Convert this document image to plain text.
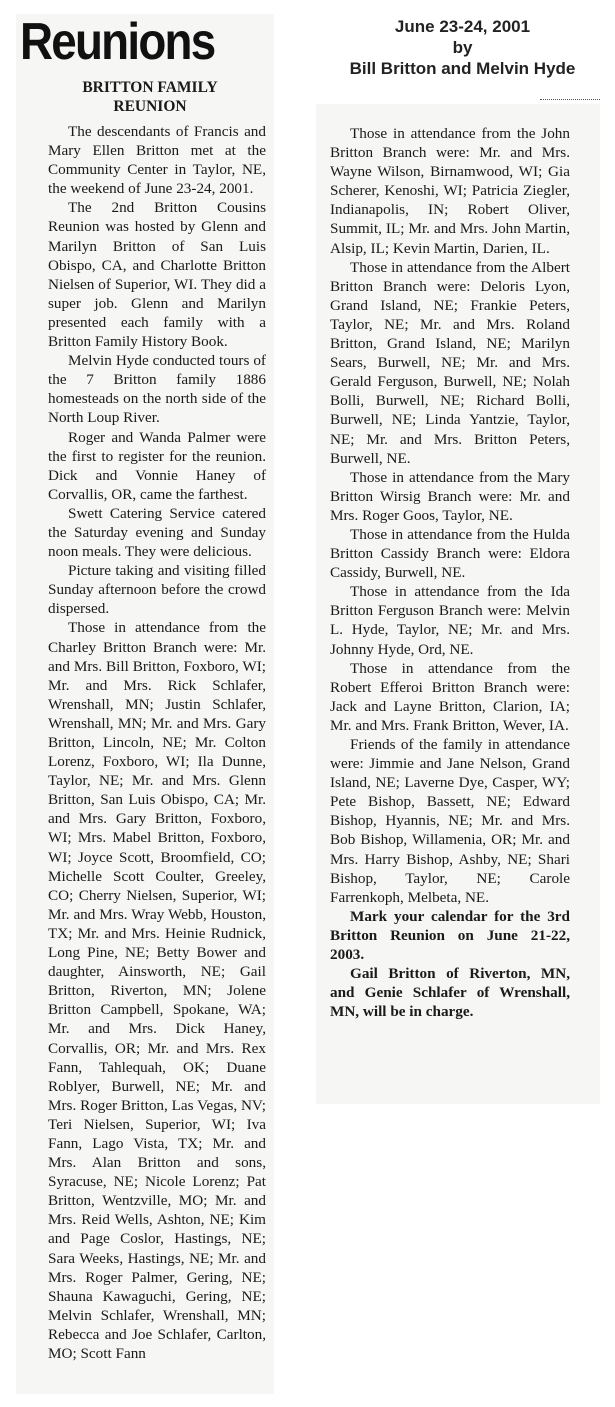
Reunions	June 23-24, 2001
by
Bill Britton and Melvin Hyde
BRITTON FAMILY
REUNION

The descendants of Francis and Mary Ellen Britton met at the Community Center in Taylor, NE, the weekend of June 23-24, 2001.

The 2nd Britton Cousins Reunion was hosted by Glenn and Marilyn Britton of San Luis Obispo, CA, and Charlotte Britton Nielsen of Superior, WI. They did a super job. Glenn and Marilyn presented each family with a Britton Family History Book.

Melvin Hyde conducted tours of the 7 Britton family 1886 homesteads on the north side of the North Loup River.

Roger and Wanda Palmer were the first to register for the reunion. Dick and Vonnie Haney of Corvallis, OR, came the farthest.

Swett Catering Service catered the Saturday evening and Sunday noon meals. They were delicious.

Picture taking and visiting filled Sunday afternoon before the crowd dispersed.

Those in attendance from the Charley Britton Branch were: Mr. and Mrs. Bill Britton, Foxboro, WI; Mr. and Mrs. Rick Schlafer, Wrenshall, MN; Justin Schlafer, Wrenshall, MN; Mr. and Mrs. Gary Britton, Lincoln, NE; Mr. Colton Lorenz, Foxboro, WI; Ila Dunne, Taylor, NE; Mr. and Mrs. Glenn Britton, San Luis Obispo, CA; Mr. and Mrs. Gary Britton, Foxboro, WI; Mrs. Mabel Britton, Foxboro, WI; Joyce Scott, Broomfield, CO; Michelle Scott Coulter, Greeley, CO; Cherry Nielsen, Superior, WI; Mr. and Mrs. Wray Webb, Houston, TX; Mr. and Mrs. Heinie Rudnick, Long Pine, NE; Betty Bower and daughter, Ainsworth, NE; Gail Britton, Riverton, MN; Jolene Britton Campbell, Spokane, WA; Mr. and Mrs. Dick Haney, Corvallis, OR; Mr. and Mrs. Rex Fann, Tahlequah, OK; Duane Roblyer, Burwell, NE; Mr. and Mrs. Roger Britton, Las Vegas, NV; Teri Nielsen, Superior, WI; Iva Fann, Lago Vista, TX; Mr. and Mrs. Alan Britton and sons, Syracuse, NE; Nicole Lorenz; Pat Britton, Wentzville, MO; Mr. and Mrs. Reid Wells, Ashton, NE; Kim and Page Coslor, Hastings, NE; Sara Weeks, Hastings, NE; Mr. and Mrs. Roger Palmer, Gering, NE; Shauna Kawaguchi, Gering, NE; Melvin Schlafer, Wrenshall, MN; Rebecca and Joe Schlafer, Carlton, MO; Scott Fann

Those in attendance from the John Britton Branch were: Mr. and Mrs. Wayne Wilson, Birnamwood, WI; Gia Scherer, Kenoshi, WI; Patricia Ziegler, Indianapolis, IN; Robert Oliver, Summit, IL; Mr. and Mrs. John Martin, Alsip, IL; Kevin Martin, Darien, IL.

Those in attendance from the Albert Britton Branch were: Deloris Lyon, Grand Island, NE; Frankie Peters, Taylor, NE; Mr. and Mrs. Roland Britton, Grand Island, NE; Marilyn Sears, Burwell, NE; Mr. and Mrs. Gerald Ferguson, Burwell, NE; Nolah Bolli, Burwell, NE; Richard Bolli, Burwell, NE; Linda Yantzie, Taylor, NE; Mr. and Mrs. Britton Peters, Burwell, NE.

Those in attendance from the Mary Britton Wirsig Branch were: Mr. and Mrs. Roger Goos, Taylor, NE.

Those in attendance from the Hulda Britton Cassidy Branch were: Eldora Cassidy, Burwell, NE.

Those in attendance from the Ida Britton Ferguson Branch were: Melvin L. Hyde, Taylor, NE; Mr. and Mrs. Johnny Hyde, Ord, NE.

Those in attendance from the Robert Efferoi Britton Branch were: Jack and Layne Britton, Clarion, IA; Mr. and Mrs. Frank Britton, Wever, IA.

Friends of the family in attendance were: Jimmie and Jane Nelson, Grand Island, NE; Laverne Dye, Casper, WY; Pete Bishop, Bassett, NE; Edward Bishop, Hyannis, NE; Mr. and Mrs. Bob Bishop, Willamenia, OR; Mr. and Mrs. Harry Bishop, Ashby, NE; Shari Bishop, Taylor, NE; Carole Farrenkoph, Melbeta, NE.

Mark your calendar for the 3rd Britton Reunion on June 21-22, 2003.

Gail Britton of Riverton, MN, and Genie Schlafer of Wrenshall, MN, will be in charge.
